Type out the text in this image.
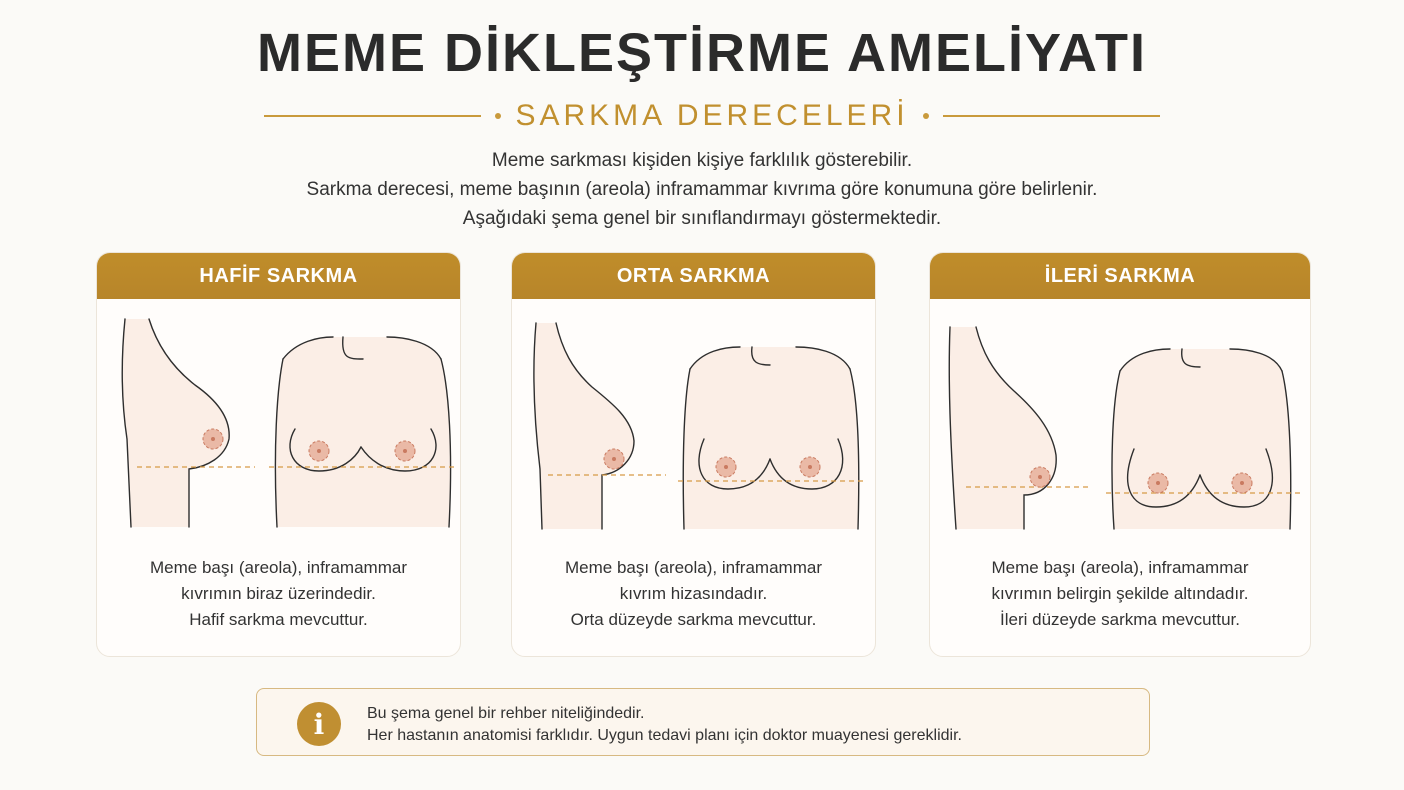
MEME DİKLEŞTİRME AMELİYATI
SARKMA DERECELERİ
Meme sarkması kişiden kişiye farklılık gösterebilir.
Sarkma derecesi, meme başının (areola) inframammar kıvrıma göre konumuna göre belirlenir.
Aşağıdaki şema genel bir sınıflandırmayı göstermektedir.
HAFİF SARKMA
Meme başı (areola), inframammar
kıvrımın biraz üzerindedir.
Hafif sarkma mevcuttur.
ORTA SARKMA
Meme başı (areola), inframammar
kıvrım hizasındadır.
Orta düzeyde sarkma mevcuttur.
İLERİ SARKMA
Meme başı (areola), inframammar
kıvrımın belirgin şekilde altındadır.
İleri düzeyde sarkma mevcuttur.
i	Bu şema genel bir rehber niteliğindedir.
Her hastanın anatomisi farklıdır. Uygun tedavi planı için doktor muayenesi gereklidir.
